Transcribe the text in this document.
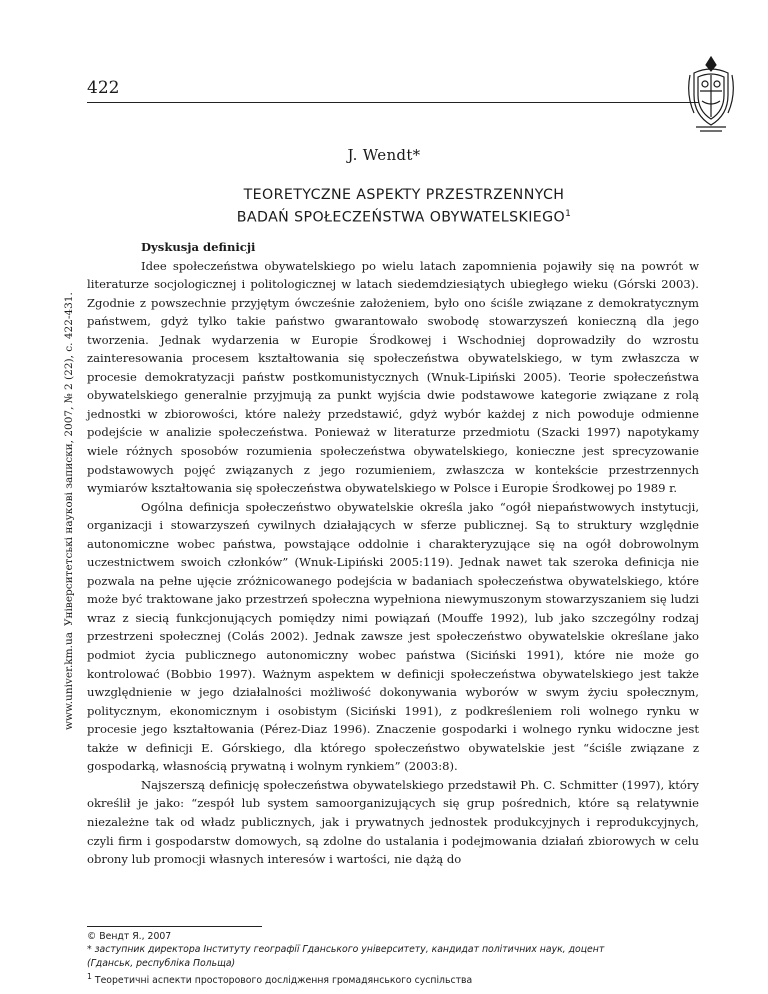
422
www.univer.km.ua
Університетські наукові записки, 2007, № 2 (22), с. 422-431.
J. Wendt*
TEORETYCZNE ASPEKTY PRZESTRZENNYCH
BADAŃ SPOŁECZEŃSTWA OBYWATELSKIEGO$^1$

Dyskusja definicji

Idee społeczeństwa obywatelskiego po wielu latach zapomnienia pojawiły się na powrót w literaturze socjologicznej i politologicznej w latach siedemdziesiątych ubiegłego wieku (Górski 2003). Zgodnie z powszechnie przyjętym ówcześnie założeniem, było ono ściśle związane z demokratycznym państwem, gdyż tylko takie państwo gwarantowało swobodę stowarzyszeń konieczną dla jego tworzenia. Jednak wydarzenia w Europie Środkowej i Wschodniej doprowadziły do wzrostu zainteresowania procesem kształtowania się społeczeństwa obywatelskiego, w tym zwłaszcza w procesie demokratyzacji państw postkomunistycznych (Wnuk-Lipiński 2005). Teorie społeczeństwa obywatelskiego generalnie przyjmują za punkt wyjścia dwie podstawowe kategorie związane z rolą jednostki w zbiorowości, które należy przedstawić, gdyż wybór każdej z nich powoduje odmienne podejście w analizie społeczeństwa. Ponieważ w literaturze przedmiotu (Szacki 1997) napotykamy wiele różnych sposobów rozumienia społeczeństwa obywatelskiego, konieczne jest sprecyzowanie podstawowych pojęć związanych z jego rozumieniem, zwłaszcza w kontekście przestrzennych wymiarów kształtowania się społeczeństwa obywatelskiego w Polsce i Europie Środkowej po 1989 r.

Ogólna definicja społeczeństwo obywatelskie określa jako “ogół niepaństwowych instytucji, organizacji i stowarzyszeń cywilnych działających w sferze publicznej. Są to struktury względnie autonomiczne wobec państwa, powstające oddolnie i charakteryzujące się na ogół dobrowolnym uczestnictwem swoich członków” (Wnuk-Lipiński 2005:119). Jednak nawet tak szeroka definicja nie pozwala na pełne ujęcie zróżnicowanego podejścia w badaniach społeczeństwa obywatelskiego, które może być traktowane jako przestrzeń społeczna wypełniona niewymuszonym stowarzyszaniem się ludzi wraz z siecią funkcjonujących pomiędzy nimi powiązań (Mouffe 1992), lub jako szczególny rodzaj przestrzeni społecznej (Colás 2002). Jednak zawsze jest społeczeństwo obywatelskie określane jako podmiot życia publicznego autonomiczny wobec państwa (Siciński 1991), które nie może go kontrolować (Bobbio 1997). Ważnym aspektem w definicji społeczeństwa obywatelskiego jest także uwzględnienie w jego działalności możliwość dokonywania wyborów w swym życiu społecznym, politycznym, ekonomicznym i osobistym (Siciński 1991), z podkreśleniem roli wolnego rynku w procesie jego kształtowania (Pérez-Diaz 1996). Znaczenie gospodarki i wolnego rynku widoczne jest także w definicji E. Górskiego, dla którego społeczeństwo obywatelskie jest “ściśle związane z gospodarką, własnością prywatną i wolnym rynkiem” (2003:8).

Najszerszą definicję społeczeństwa obywatelskiego przedstawił Ph. C. Schmitter (1997), który określił je jako: “zespół lub system samoorganizujących się grup pośrednich, które są relatywnie niezależne tak od władz publicznych, jak i prywatnych jednostek produkcyjnych i reprodukcyjnych, czyli firm i gospodarstw domowych, są zdolne do ustalania i podejmowania działań zbiorowych w celu obrony lub promocji własnych interesów i wartości, nie dążą do

© Вендт Я., 2007
* заступник директора Інституту географії Гданського університету, кандидат політичних наук, доцент
(Гданськ, республіка Польща)
$^1$ Теоретичні аспекти просторового дослідження громадянського суспільства
